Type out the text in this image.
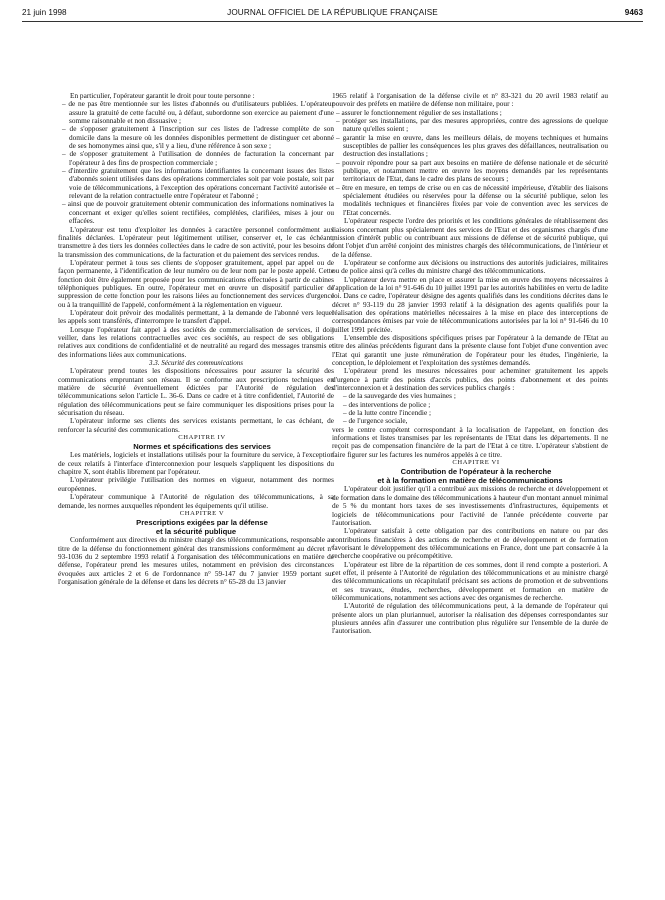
21 juin 1998	JOURNAL OFFICIEL DE LA RÉPUBLIQUE FRANÇAISE	9463

En particulier, l'opérateur garantit le droit pour toute personne :

– de ne pas être mentionnée sur les listes d'abonnés ou d'utilisateurs publiées. L'opérateur assure la gratuité de cette faculté ou, à défaut, subordonne son exercice au paiement d'une somme raisonnable et non dissuasive ;

– de s'opposer gratuitement à l'inscription sur ces listes de l'adresse complète de son domicile dans la mesure où les données disponibles permettent de distinguer cet abonné de ses homonymes ainsi que, s'il y a lieu, d'une référence à son sexe ;

– de s'opposer gratuitement à l'utilisation de données de facturation la concernant par l'opérateur à des fins de prospection commerciale ;

– d'interdire gratuitement que les informations identifiantes la concernant issues des listes d'abonnés soient utilisées dans des opérations commerciales soit par voie postale, soit par voie de télécommunications, à l'exception des opérations concernant l'activité autorisée et relevant de la relation contractuelle entre l'opérateur et l'abonné ;

– ainsi que de pouvoir gratuitement obtenir communication des informations nominatives la concernant et exiger qu'elles soient rectifiées, complétées, clarifiées, mises à jour ou effacées.

L'opérateur est tenu d'exploiter les données à caractère personnel conformément aux finalités déclarées. L'opérateur peut légitimement utiliser, conserver et, le cas échéant, transmettre à des tiers les données collectées dans le cadre de son activité, pour les besoins de la transmission des communications, de la facturation et du paiement des services rendus.

L'opérateur permet à tous ses clients de s'opposer gratuitement, appel par appel ou de façon permanente, à l'identification de leur numéro ou de leur nom par le poste appelé. Cette fonction doit être également proposée pour les communications effectuées à partir de cabines téléphoniques publiques. En outre, l'opérateur met en œuvre un dispositif particulier de suppression de cette fonction pour les raisons liées au fonctionnement des services d'urgence ou à la tranquillité de l'appelé, conformément à la réglementation en vigueur.

L'opérateur doit prévoir des modalités permettant, à la demande de l'abonné vers lequel les appels sont transférés, d'interrompre le transfert d'appel.

Lorsque l'opérateur fait appel à des sociétés de commercialisation de services, il doit veiller, dans les relations contractuelles avec ces sociétés, au respect de ses obligations relatives aux conditions de confidentialité et de neutralité au regard des messages transmis et des informations liées aux communications.

3.3. Sécurité des communications

L'opérateur prend toutes les dispositions nécessaires pour assurer la sécurité des communications empruntant son réseau. Il se conforme aux prescriptions techniques en matière de sécurité éventuellement édictées par l'Autorité de régulation des télécommunications selon l'article L. 36-6. Dans ce cadre et à titre confidentiel, l'Autorité de régulation des télécommunications peut se faire communiquer les dispositions prises pour la sécurisation du réseau.

L'opérateur informe ses clients des services existants permettant, le cas échéant, de renforcer la sécurité des communications.

CHAPITRE IV

Normes et spécifications des services

Les matériels, logiciels et installations utilisés pour la fourniture du service, à l'exception de ceux relatifs à l'interface d'interconnexion pour lesquels s'appliquent les dispositions du chapitre X, sont établis librement par l'opérateur.

L'opérateur privilégie l'utilisation des normes en vigueur, notamment des normes européennes.

L'opérateur communique à l'Autorité de régulation des télécommunications, à sa demande, les normes auxquelles répondent les équipements qu'il utilise.

CHAPITRE V

Prescriptions exigées par la défense
et la sécurité publique

Conformément aux directives du ministre chargé des télécommunications, responsable au titre de la défense du fonctionnement général des transmissions conformément au décret n° 93-1036 du 2 septembre 1993 relatif à l'organisation des télécommunications en matière de défense, l'opérateur prend les mesures utiles, notamment en prévision des circonstances évoquées aux articles 2 et 6 de l'ordonnance n° 59-147 du 7 janvier 1959 portant sur l'organisation générale de la défense et dans les décrets n° 65-28 du 13 janvier

1965 relatif à l'organisation de la défense civile et n° 83-321 du 20 avril 1983 relatif au pouvoir des préfets en matière de défense non militaire, pour :

– assurer le fonctionnement régulier de ses installations ;

– protéger ses installations, par des mesures appropriées, contre des agressions de quelque nature qu'elles soient ;

– garantir la mise en œuvre, dans les meilleurs délais, de moyens techniques et humains susceptibles de pallier les conséquences les plus graves des défaillances, neutralisation ou destruction des installations ;

– pouvoir répondre pour sa part aux besoins en matière de défense nationale et de sécurité publique, et notamment mettre en œuvre les moyens demandés par les représentants territoriaux de l'Etat, dans le cadre des plans de secours ;

– être en mesure, en temps de crise ou en cas de nécessité impérieuse, d'établir des liaisons spécialement étudiées ou réservées pour la défense ou la sécurité publique, selon les modalités techniques et financières fixées par voie de convention avec les services de l'Etat concernés.

L'opérateur respecte l'ordre des priorités et les conditions générales de rétablissement des liaisons concernant plus spécialement des services de l'Etat et des organismes chargés d'une mission d'intérêt public ou contribuant aux missions de défense et de sécurité publique, qui font l'objet d'un arrêté conjoint des ministres chargés des télécommunications, de l'intérieur et de la défense.

L'opérateur se conforme aux décisions ou instructions des autorités judiciaires, militaires ou de police ainsi qu'à celles du ministre chargé des télécommunications.

L'opérateur devra mettre en place et assurer la mise en œuvre des moyens nécessaires à l'application de la loi n° 91-646 du 10 juillet 1991 par les autorités habilitées en vertu de ladite loi. Dans ce cadre, l'opérateur désigne des agents qualifiés dans les conditions décrites dans le décret n° 93-119 du 28 janvier 1993 relatif à la désignation des agents qualifiés pour la réalisation des opérations matérielles nécessaires à la mise en place des interceptions de correspondances émises par voie de télécommunications autorisées par la loi n° 91-646 du 10 juillet 1991 précitée.

L'ensemble des dispositions spécifiques prises par l'opérateur à la demande de l'Etat au titre des alinéas précédents figurant dans la présente clause font l'objet d'une convention avec l'Etat qui garantit une juste rémunération de l'opérateur pour les études, l'ingénierie, la conception, le déploiement et l'exploitation des systèmes demandés.

L'opérateur prend les mesures nécessaires pour acheminer gratuitement les appels d'urgence à partir des points d'accès publics, des points d'abonnement et des points d'interconnexion et à destination des services publics chargés :

– de la sauvegarde des vies humaines ;

– des interventions de police ;

– de la lutte contre l'incendie ;

– de l'urgence sociale,

vers le centre compétent correspondant à la localisation de l'appelant, en fonction des informations et listes transmises par les représentants de l'Etat dans les départements. Il ne reçoit pas de compensation financière de la part de l'Etat à ce titre. L'opérateur s'abstient de faire figurer sur les factures les numéros appelés à ce titre.

CHAPITRE VI

Contribution de l'opérateur à la recherche
et à la formation en matière de télécommunications

L'opérateur doit justifier qu'il a contribué aux missions de recherche et développement et de formation dans le domaine des télécommunications à hauteur d'un montant annuel minimal de 5 % du montant hors taxes de ses investissements d'infrastructures, équipements et logiciels de télécommunications pour l'activité de l'année précédente couverte par l'autorisation.

L'opérateur satisfait à cette obligation par des contributions en nature ou par des contributions financières à des actions de recherche et de développement et de formation favorisant le développement des télécommunications en France, dont une part consacrée à la recherche coopérative ou précompétitive.

L'opérateur est libre de la répartition de ces sommes, dont il rend compte a posteriori. A cet effet, il présente à l'Autorité de régulation des télécommunications et au ministre chargé des télécommunications un récapitulatif précisant ses actions de promotion et de subventions et ses travaux, études, recherches, développement et formation en matière de télécommunications, notamment ses actions avec des organismes de recherche.

L'Autorité de régulation des télécommunications peut, à la demande de l'opérateur qui présente alors un plan pluriannuel, autoriser la réalisation des dépenses correspondantes sur plusieurs années afin d'assurer une contribution plus régulière sur l'ensemble de la durée de l'autorisation.
